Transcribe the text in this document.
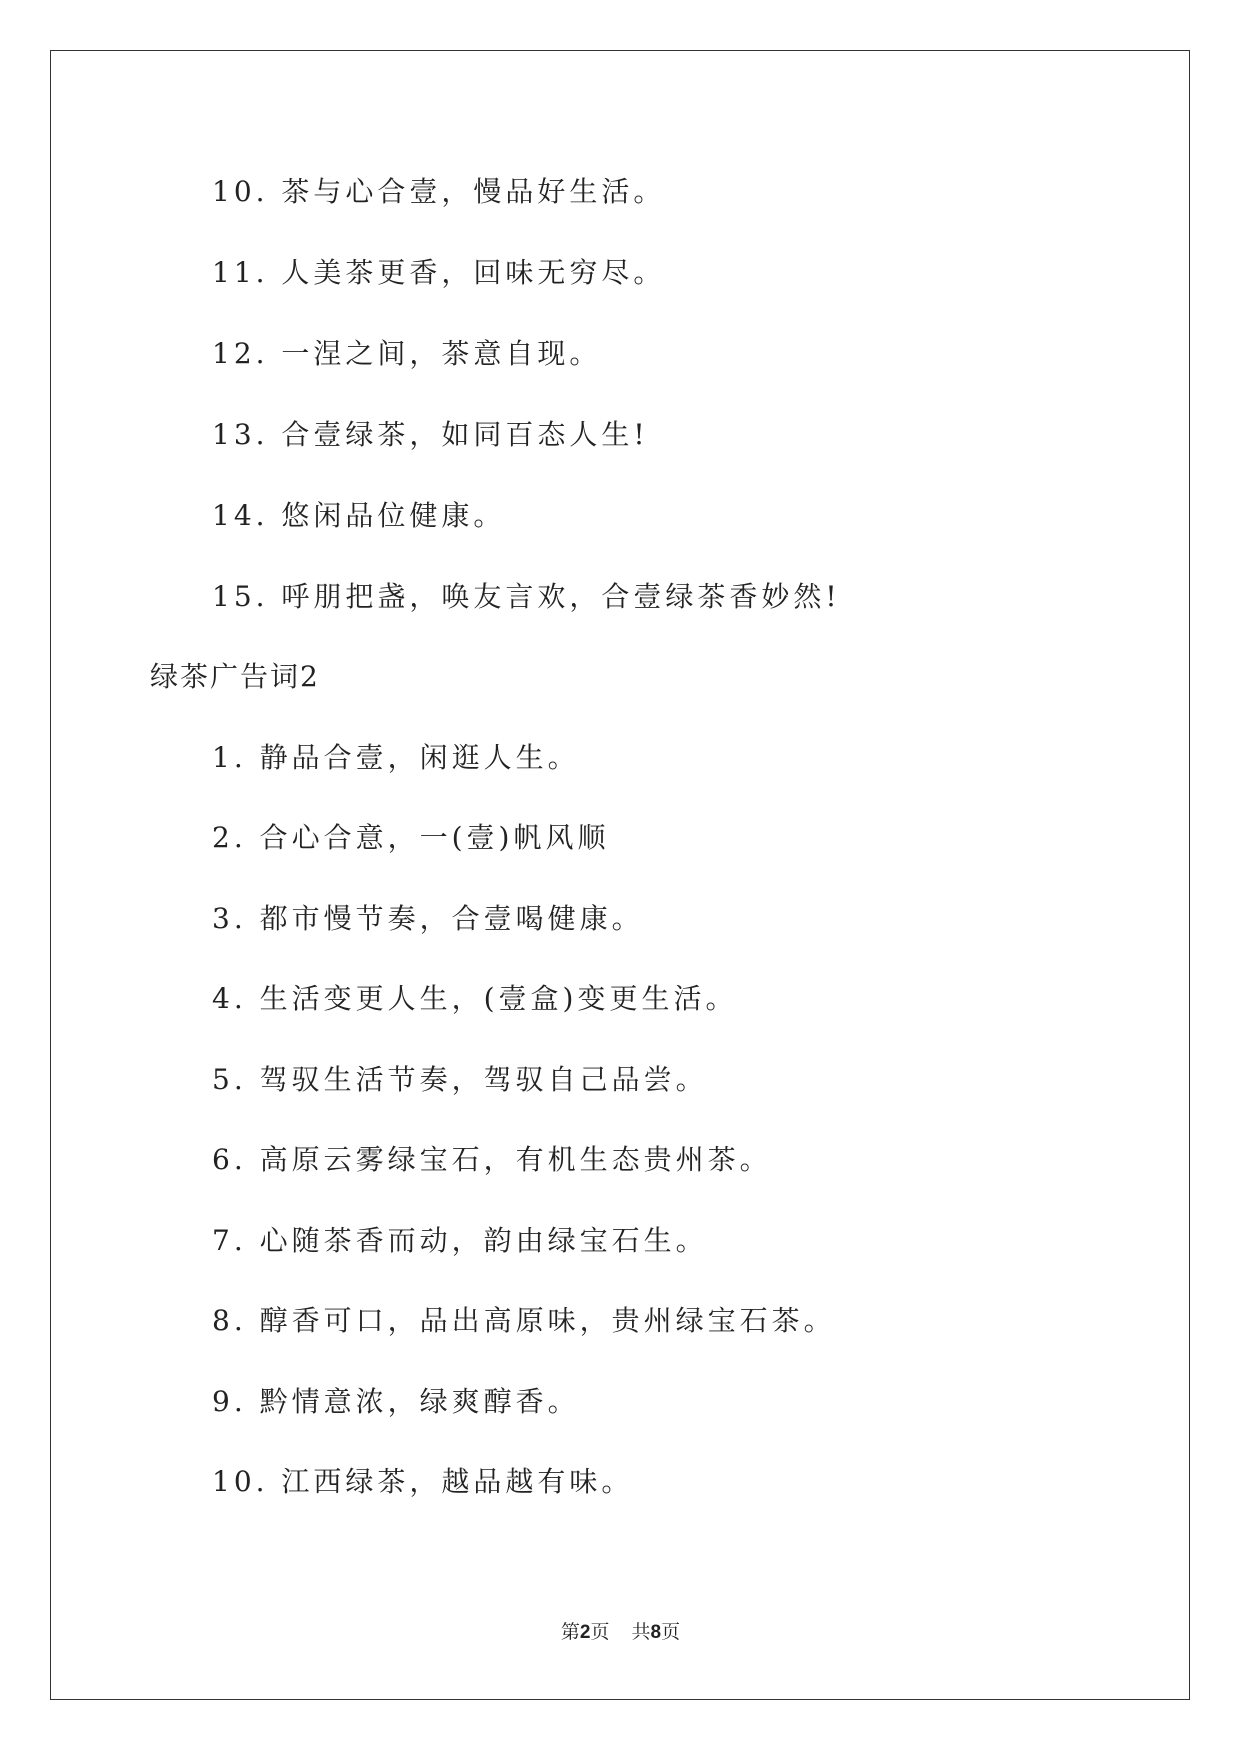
10. 茶与心合壹，慢品好生活。
11. 人美茶更香，回味无穷尽。
12. 一涅之间，茶意自现。
13. 合壹绿茶，如同百态人生!
14. 悠闲品位健康。
15. 呼朋把盏，唤友言欢，合壹绿茶香妙然!
绿茶广告词2
1. 静品合壹，闲逛人生。
2. 合心合意，一(壹)帆风顺
3. 都市慢节奏，合壹喝健康。
4. 生活变更人生，(壹盒)变更生活。
5. 驾驭生活节奏，驾驭自己品尝。
6. 高原云雾绿宝石，有机生态贵州茶。
7. 心随茶香而动，韵由绿宝石生。
8. 醇香可口，品出高原味，贵州绿宝石茶。
9. 黔情意浓，绿爽醇香。
10. 江西绿茶，越品越有味。
第2页 共8页
